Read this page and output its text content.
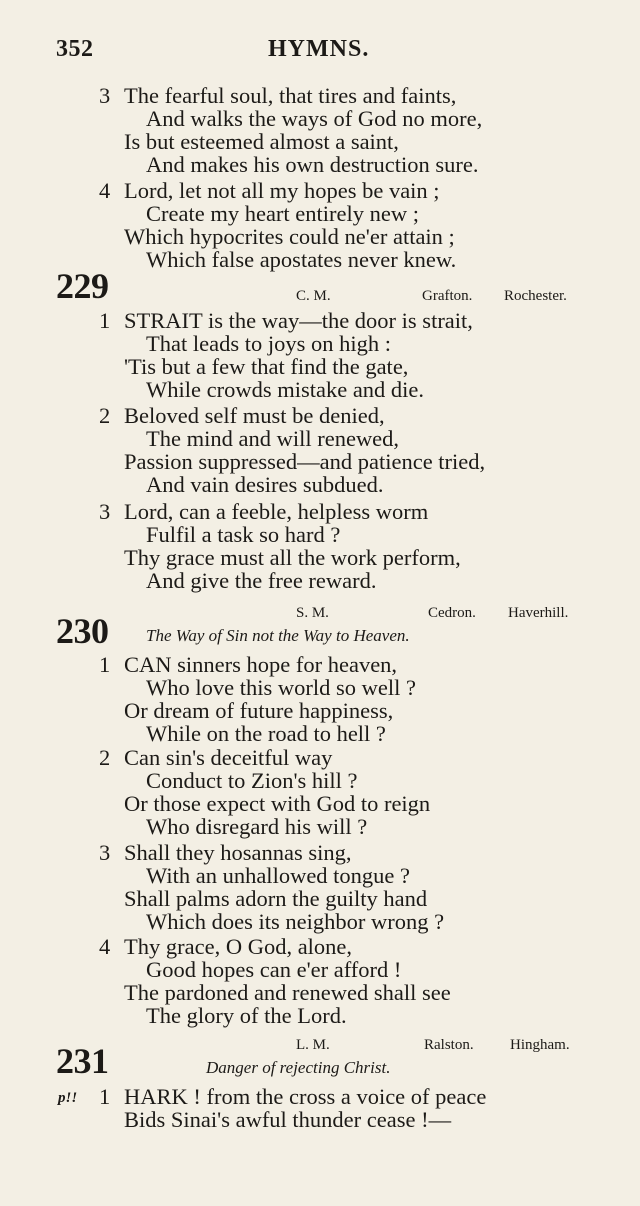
352	HYMNS.
3 The fearful soul, that tires and faints,
And walks the ways of God no more,
Is but esteemed almost a saint,
And makes his own destruction sure.
4 Lord, let not all my hopes be vain ;
Create my heart entirely new ;
Which hypocrites could ne'er attain ;
Which false apostates never knew.
229	C. M.	Grafton. Rochester.
1 STRAIT is the way—the door is strait,
That leads to joys on high :
'Tis but a few that find the gate,
While crowds mistake and die.
2 Beloved self must be denied,
The mind and will renewed,
Passion suppressed—and patience tried,
And vain desires subdued.
3 Lord, can a feeble, helpless worm
Fulfil a task so hard ?
Thy grace must all the work perform,
And give the free reward.
S. M.	Cedron. Haverhill.
230 The Way of Sin not the Way to Heaven.
1 CAN sinners hope for heaven,
Who love this world so well ?
Or dream of future happiness,
While on the road to hell ?
2 Can sin's deceitful way
Conduct to Zion's hill ?
Or those expect with God to reign
Who disregard his will ?
3 Shall they hosannas sing,
With an unhallowed tongue ?
Shall palms adorn the guilty hand
Which does its neighbor wrong ?
4 Thy grace, O God, alone,
Good hopes can e'er afford !
The pardoned and renewed shall see
The glory of the Lord.
L. M.	Ralston. Hingham.
231	Danger of rejecting Christ.
p!! 1 HARK ! from the cross a voice of peace
Bids Sinai's awful thunder cease !—
